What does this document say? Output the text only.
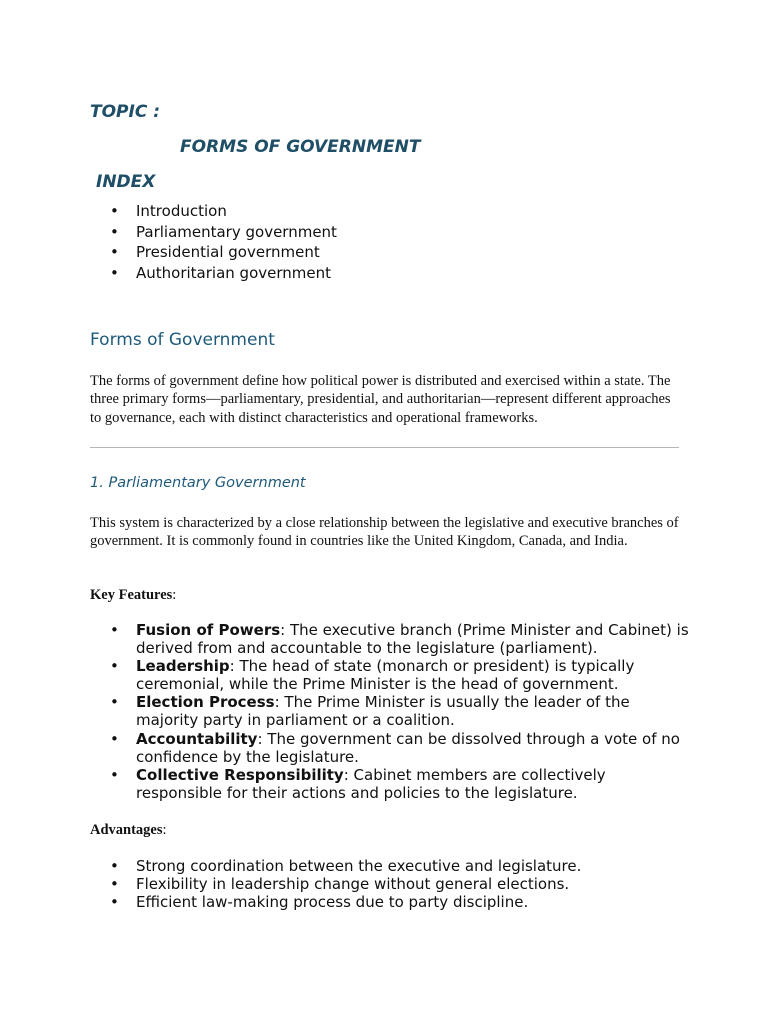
TOPIC :
FORMS OF GOVERNMENT
INDEX
• Introduction
• Parliamentary government
• Presidential government
• Authoritarian government
Forms of Government

The forms of government define how political power is distributed and exercised within a state. The three primary forms—parliamentary, presidential, and authoritarian—represent different approaches to governance, each with distinct characteristics and operational frameworks.

1. Parliamentary Government

This system is characterized by a close relationship between the legislative and executive branches of government. It is commonly found in countries like the United Kingdom, Canada, and India.

Key Features:

• Fusion of Powers: The executive branch (Prime Minister and Cabinet) is derived from and accountable to the legislature (parliament).
• Leadership: The head of state (monarch or president) is typically ceremonial, while the Prime Minister is the head of government.
• Election Process: The Prime Minister is usually the leader of the majority party in parliament or a coalition.
• Accountability: The government can be dissolved through a vote of no confidence by the legislature.
• Collective Responsibility: Cabinet members are collectively responsible for their actions and policies to the legislature.

Advantages:

• Strong coordination between the executive and legislature.
• Flexibility in leadership change without general elections.
• Efficient law-making process due to party discipline.
